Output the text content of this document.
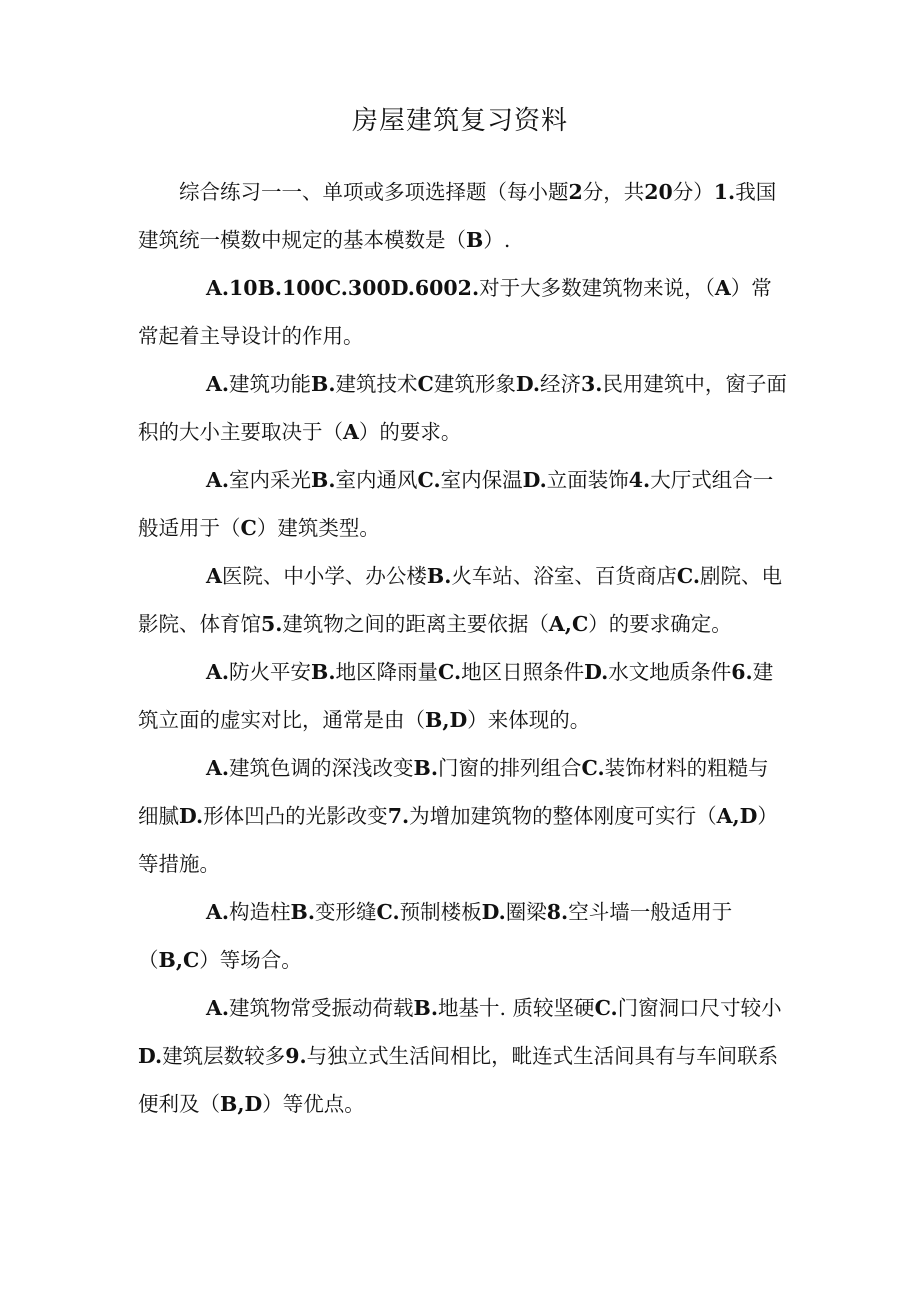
房屋建筑复习资料

综合练习一一、单项或多项选择题（每小题2分，共20分）1.我国建筑统一模数中规定的基本模数是（B）.

A.10B.100C.300D.6002.对于大多数建筑物来说，（A）常常起着主导设计的作用。

A.建筑功能B.建筑技术C建筑形象D.经济3.民用建筑中，窗子面积的大小主要取决于（A）的要求。

A.室内采光B.室内通风C.室内保温D.立面装饰4.大厅式组合一般适用于（C）建筑类型。

A医院、中小学、办公楼B.火车站、浴室、百货商店C.剧院、电影院、体育馆5.建筑物之间的距离主要依据（A,C）的要求确定。

A.防火平安B.地区降雨量C.地区日照条件D.水文地质条件6.建筑立面的虚实对比，通常是由（B,D）来体现的。

A.建筑色调的深浅改变B.门窗的排列组合C.装饰材料的粗糙与细腻D.形体凹凸的光影改变7.为增加建筑物的整体刚度可实行（A,D）等措施。

A.构造柱B.变形缝C.预制楼板D.圈梁8.空斗墙一般适用于（B,C）等场合。

A.建筑物常受振动荷载B.地基十. 质较坚硬C.门窗洞口尺寸较小D.建筑层数较多9.与独立式生活间相比，毗连式生活间具有与车间联系便利及（B,D）等优点。
